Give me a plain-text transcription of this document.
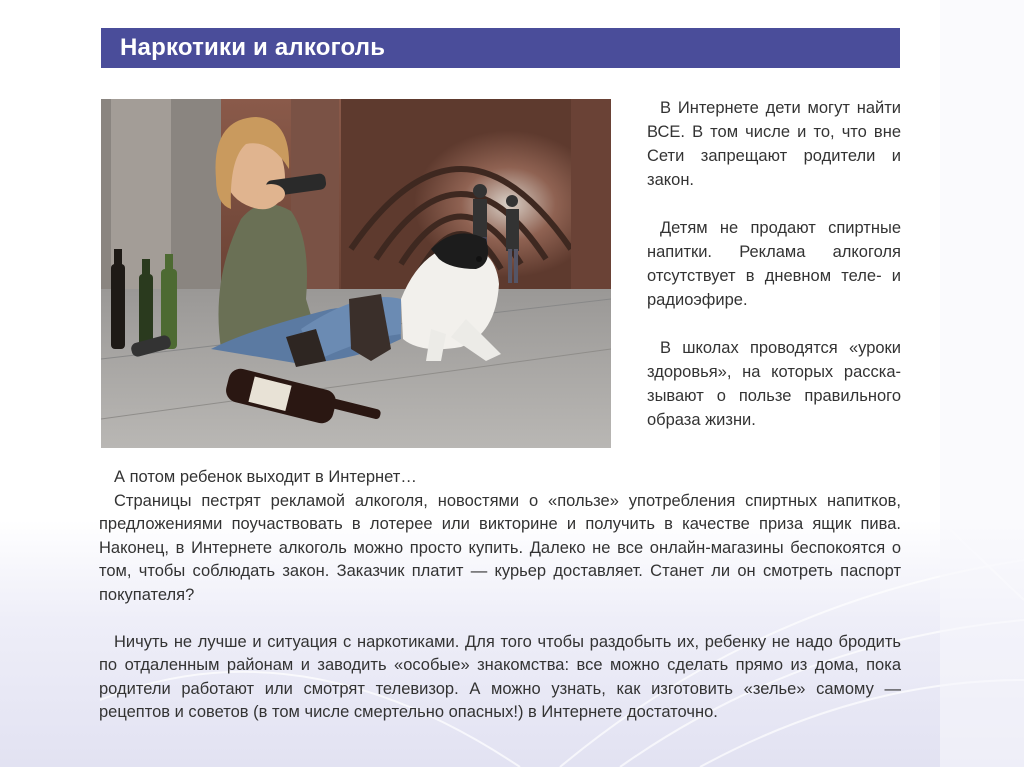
Наркотики и алкоголь

В Интернете дети могут найти ВСЕ. В том числе и то, что вне Сети запрещают родители и закон.

Детям не продают спиртные напитки. Реклама алкоголя отсутствует в дневном теле- и радиоэфире.

В школах проводятся «уроки здоровья», на которых рассказывают о пользе правильного образа жизни.

А потом ребенок выходит в Интернет…

Страницы пестрят рекламой алкоголя, новостями о «пользе» употребления спиртных напитков, предложениями поучаствовать в лотерее или викторине и получить в качестве приза ящик пива. Наконец, в Интернете алкоголь можно просто купить. Далеко не все онлайн-магазины беспокоятся о том, чтобы соблюдать закон. Заказчик платит — курьер доставляет. Станет ли он смотреть паспорт покупателя?

Ничуть не лучше и ситуация с наркотиками. Для того чтобы раздобыть их, ребенку не надо бродить по отдаленным районам и заводить «особые» знакомства: все можно сделать прямо из дома, пока родители работают или смотрят телевизор. А можно узнать, как изготовить «зелье» самому — рецептов и советов (в том числе смертельно опасных!) в Интернете достаточно.
